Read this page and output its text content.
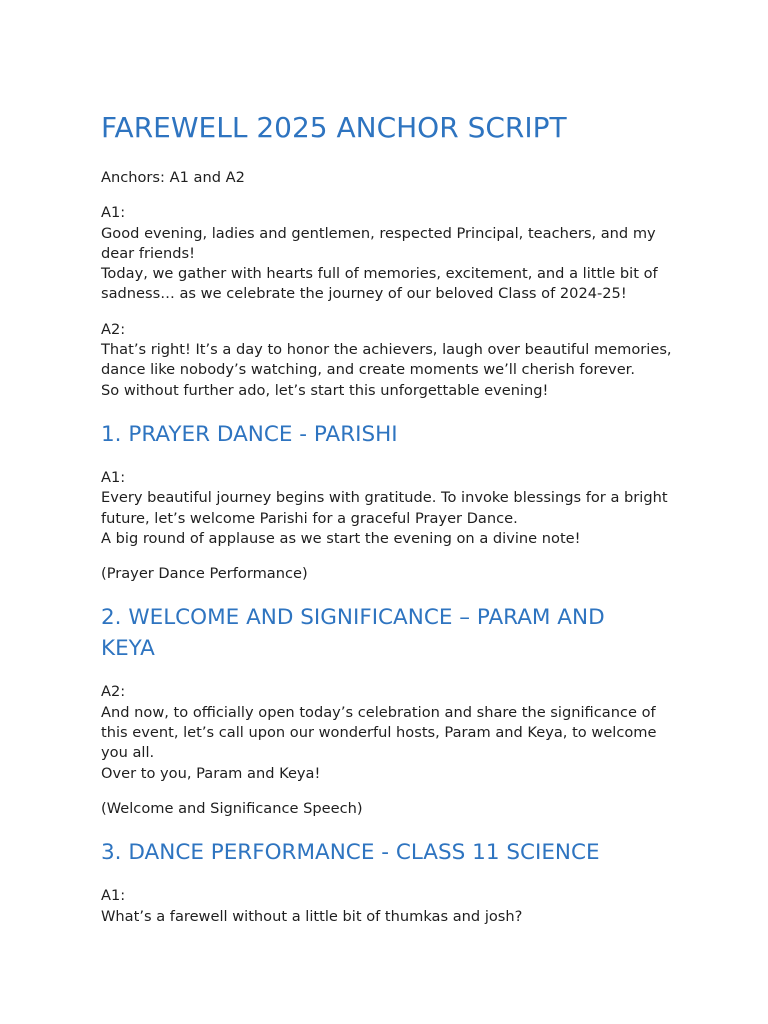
FAREWELL 2025 ANCHOR SCRIPT

Anchors: A1 and A2

A1:
Good evening, ladies and gentlemen, respected Principal, teachers, and my
dear friends!
Today, we gather with hearts full of memories, excitement, and a little bit of
sadness… as we celebrate the journey of our beloved Class of 2024-25!
A2:
That’s right! It’s a day to honor the achievers, laugh over beautiful memories,
dance like nobody’s watching, and create moments we’ll cherish forever.
So without further ado, let’s start this unforgettable evening!
1. PRAYER DANCE - PARISHI
A1:
Every beautiful journey begins with gratitude. To invoke blessings for a bright
future, let’s welcome Parishi for a graceful Prayer Dance.
A big round of applause as we start the evening on a divine note!

(Prayer Dance Performance)

2. WELCOME AND SIGNIFICANCE – PARAM AND
KEYA
A2:
And now, to officially open today’s celebration and share the significance of
this event, let’s call upon our wonderful hosts, Param and Keya, to welcome
you all.
Over to you, Param and Keya!

(Welcome and Significance Speech)

3. DANCE PERFORMANCE - CLASS 11 SCIENCE
A1:
What’s a farewell without a little bit of thumkas and josh?
